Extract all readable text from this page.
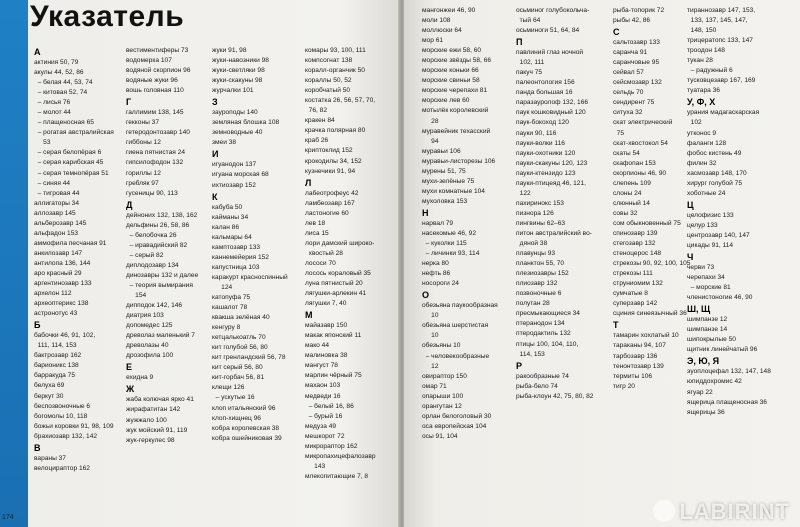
Указатель
А
актиния 50, 79
акулы 44, 52, 86
– белая 44, 53, 74
– китовая 52, 74
– лисья 76
– молот 44
– плащеносная 65
– рогатая австралийская
53
– серая белопёрая 6
– серая карибская 45
– серая темнопёрая 51
– синяя 44
– тигровая 44
аллигаторы 34
аллозавр 145
альберозавр 145
альфадон 153
аммофила песчаная 91
анкилозавр 147
антилопа 136, 144
аро красный 29
аргентинозавр 133
архелон 112
археоптерикс 138
астронотус 43
Б
бабочки 46, 91, 102,
111, 114, 153
бактрозавр 162
барионикс 138
барракуда 75
белуха 69
беркут 30
беспозвоночные 6
богомолы 10, 118
божьи коровки 91, 98, 109
брахиозавр 132, 142
В
вараны 37
велоцираптор 162
вестиментиферы 73
водомерка 107
водяной скорпион 96
водяные жуки 96
вошь головная 110
Г
галлимим 138, 145
гекконы 37
гетеродонтозавр 140
гиббоны 12
гиена пятнистая 24
гипсилофодон 132
гориллы 12
гребляк 97
гусеницы 90, 113
Д
дейноних 132, 138, 162
дельфины 26, 58, 86
– белобочка 26
– иравадийский 82
– серый 82
диплодозавр 134
динозавры 132 и далее
– теория вымирания
154
дипподок 142, 146
диатрия 103
допомедес 125
древолаз маленький 7
древолазы 40
дрозофила 100
Е
ехидна 9
Ж
жаба колючая ярко 41
жирафатитан 142
жужжало 100
жук мойский 91, 119
жук-геркулес 98
жуки 91, 98
жуки-навозники 98
жуки-светляки 98
жуки-скакуны 98
журчалки 101
З
зауроподы 140
земляная блошка 108
земноводные 40
змеи 38
И
игуанодон 137
игуана морская 68
ихтиозавр 152
К
кабуба 50
кайманы 34
калан 86
кальмары 64
камптозавр 133
каннемейерия 152
капустница 103
каракурт красноспинный
124
катопуфа 75
кашалот 78
квакша зелёная 40
кенгуру 8
кетцалькоатль 70
кит голубой 56, 80
кит гренландский 56, 78
кит серый 56, 80
кит-горбач 56, 81
клещи 126
– ускутые 16
клоп итальянский 96
клоп-хищнец 96
кобра королевская 38
кобра ошейниковая 39
комары 93, 100, 111
компсогнат 138
коралл-органчик 50
кораллы 50, 52
коробчатый 50
костатка 26, 56, 57, 70,
76, 82
кракен 84
крачка полярная 80
краб 26
криптоклид 152
крокодилы 34, 152
кузнечики 91, 94
Л
лабеотрофеус 42
ламбеозавр 167
ластоногие 60
лев 18
лиса 15
лори дамский широко-
хвостый 28
лососи 70
лосось кораловый 35
луна пятнистый 20
лягушки-арлекин 41
лягушки 7, 40
М
майазавр 150
макак японский 11
мако 44
малиновка 38
мангуст 78
марлин чёрный 75
махаон 103
медведи 16
– белый 16, 86
– бурый 16
медуза 49
мешкорот 72
микрораптор 162
микропахицефалозавр
143
млекопитающие 7, 8
174
мангонжеи 46, 90
моли 108
моллюски 64
мор 61
морские ежи 58, 60
морские звёзды 58, 66
морские коньки 66
морские свиньи 58
морские черепахи 81
морские лев 60
мотылёк королевский
28
муравейник техасский
94
муравьи 106
муравьи-листорезы 106
мурены 51, 75
мухи-зелёные 75
мухи комнатные 104
мухоловка 153
Н
нарвал 79
насекомые 46, 92
– куколки 115
– личинки 93, 114
нерка 80
нефть 86
носороги 24
О
обезьяна паукообразная
10
обезьяна шерстистая
10
обезьяны 10
– человекообразные
12
овираптор 150
омар 71
опарыши 100
орангутан 12
орлан белоголовый 30
оса европейская 104
осы 91, 104
осьминог голубокольча-
тый 64
осьминоги 51, 64, 84
П
павлиний глаз ночной
102, 111
пакуч 75
палеонтология 156
панда большая 16
паразауролоф 132, 166
паук кошковидный 120
паук-бокоход 120
пауки 90, 116
пауки-волки 116
пауки-охотники 120
пауки-скакуны 120, 123
пауки-ктензидо 123
пауки-птицеяд 46, 121,
122
пахиринокс 153
пизнора 126
пингвины 62–63
питон австралийский во-
дяной 38
плавунцы 93
планктон 55, 70
плезиозавры 152
плиозавр 132
позвоночные 6
полутан 28
пресмыкающиеся 34
птеранодон 134
птеродактиль 132
птицы 100, 104, 110,
114, 153
Р
ракообразные 74
рыба-бело 74
рыба-клоун 42, 75, 80, 82
рыба-топорик 72
рыбы 42, 86
С
сальтозавр 133
саранча 91
саранчовые 95
сейвал 57
сейсмозавр 132
сельдь 70
сендирент 75
ситуха 32
скат электрический
75
скат-хвостокол 54
скаты 54
скафопан 153
скорпионы 46, 90
слепень 109
слоны 24
слюнный 14
совы 32
сом обыкновенный 75
спинозавр 139
стегозавр 132
стеноцерос 148
стрекозы 90, 92, 100, 105
стрекозы 111
струниомим 132
сумчатые 8
суперзавр 142
сциния синеязычный 36
Т
тамарин хохлатый 10
тараканы 94, 107
тарбозавр 136
тенонтозавр 139
термиты 106
тигр 20
тираннозавр 147, 153,
133, 137, 145, 147,
148, 150
трицератопс 133, 147
троодон 148
тукан 28
– радужный 6
тусковцезавр 167, 169
туатара 36
У, Ф, Х
урания мадагаскарская
102
утконос 9
фаланги 128
фобос кистень 49
филин 32
хасмозавр 148, 170
хирург голубой 75
хоботные 24
Ц
целофизис 133
целур 133
центрозавр 140, 147
цикады 91, 114
Ч
черви 73
черепахи 34
– морские 81
членистоногие 46, 90
Ш, Щ
шимпанзе 12
шимпанзе 14
шипокрылые 50
щитник линейчатый 96
Э, Ю, Я
эуоплоцефал 132, 147, 148
юпиддохромис 42
ягуар 22
ящерица плащеносная 36
ящерицы 36
LABIRINT
